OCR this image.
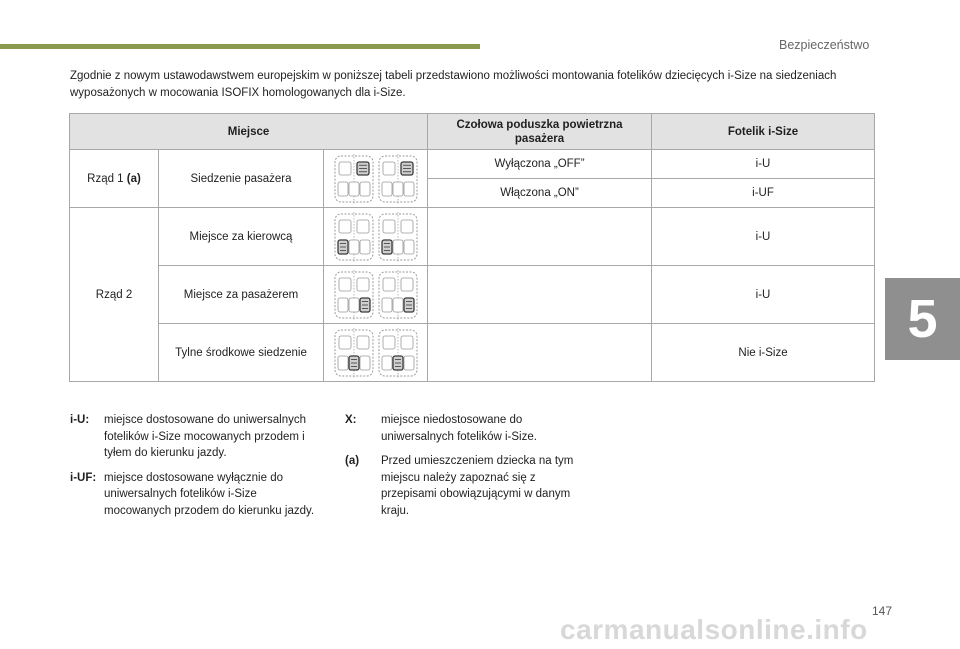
Bezpieczeństwo
5

Zgodnie z nowym ustawodawstwem europejskim w poniższej tabeli przedstawiono możliwości montowania fotelików dziecięcych i-Size na siedzeniach wyposażonych w mocowania ISOFIX homologowanych dla i-Size.

Miejsce			Czołowa poduszka powietrzna pasażera	Fotelik i-Size
Rząd 1 (a)	Siedzenie pasażera		Wyłączona „OFF”	i-U
			Włączona „ON”	i-UF
Rząd 2	Miejsce za kierowcą			i-U
	Miejsce za pasażerem			i-U
	Tylne środkowe siedzenie			Nie i-Size
i-U:	miejsce dostosowane do uniwersalnych fotelików i-Size mocowanych przodem i tyłem do kierunku jazdy.
i-UF: miejsce dostosowane wyłącznie do uniwersalnych fotelików i-Size mocowanych przodem do kierunku jazdy.
X:	miejsce niedostosowane do uniwersalnych fotelików i-Size.
(a)	Przed umieszczeniem dziecka na tym miejscu należy zapoznać się z przepisami obowiązującymi w danym kraju.
147
carmanualsonline.info
